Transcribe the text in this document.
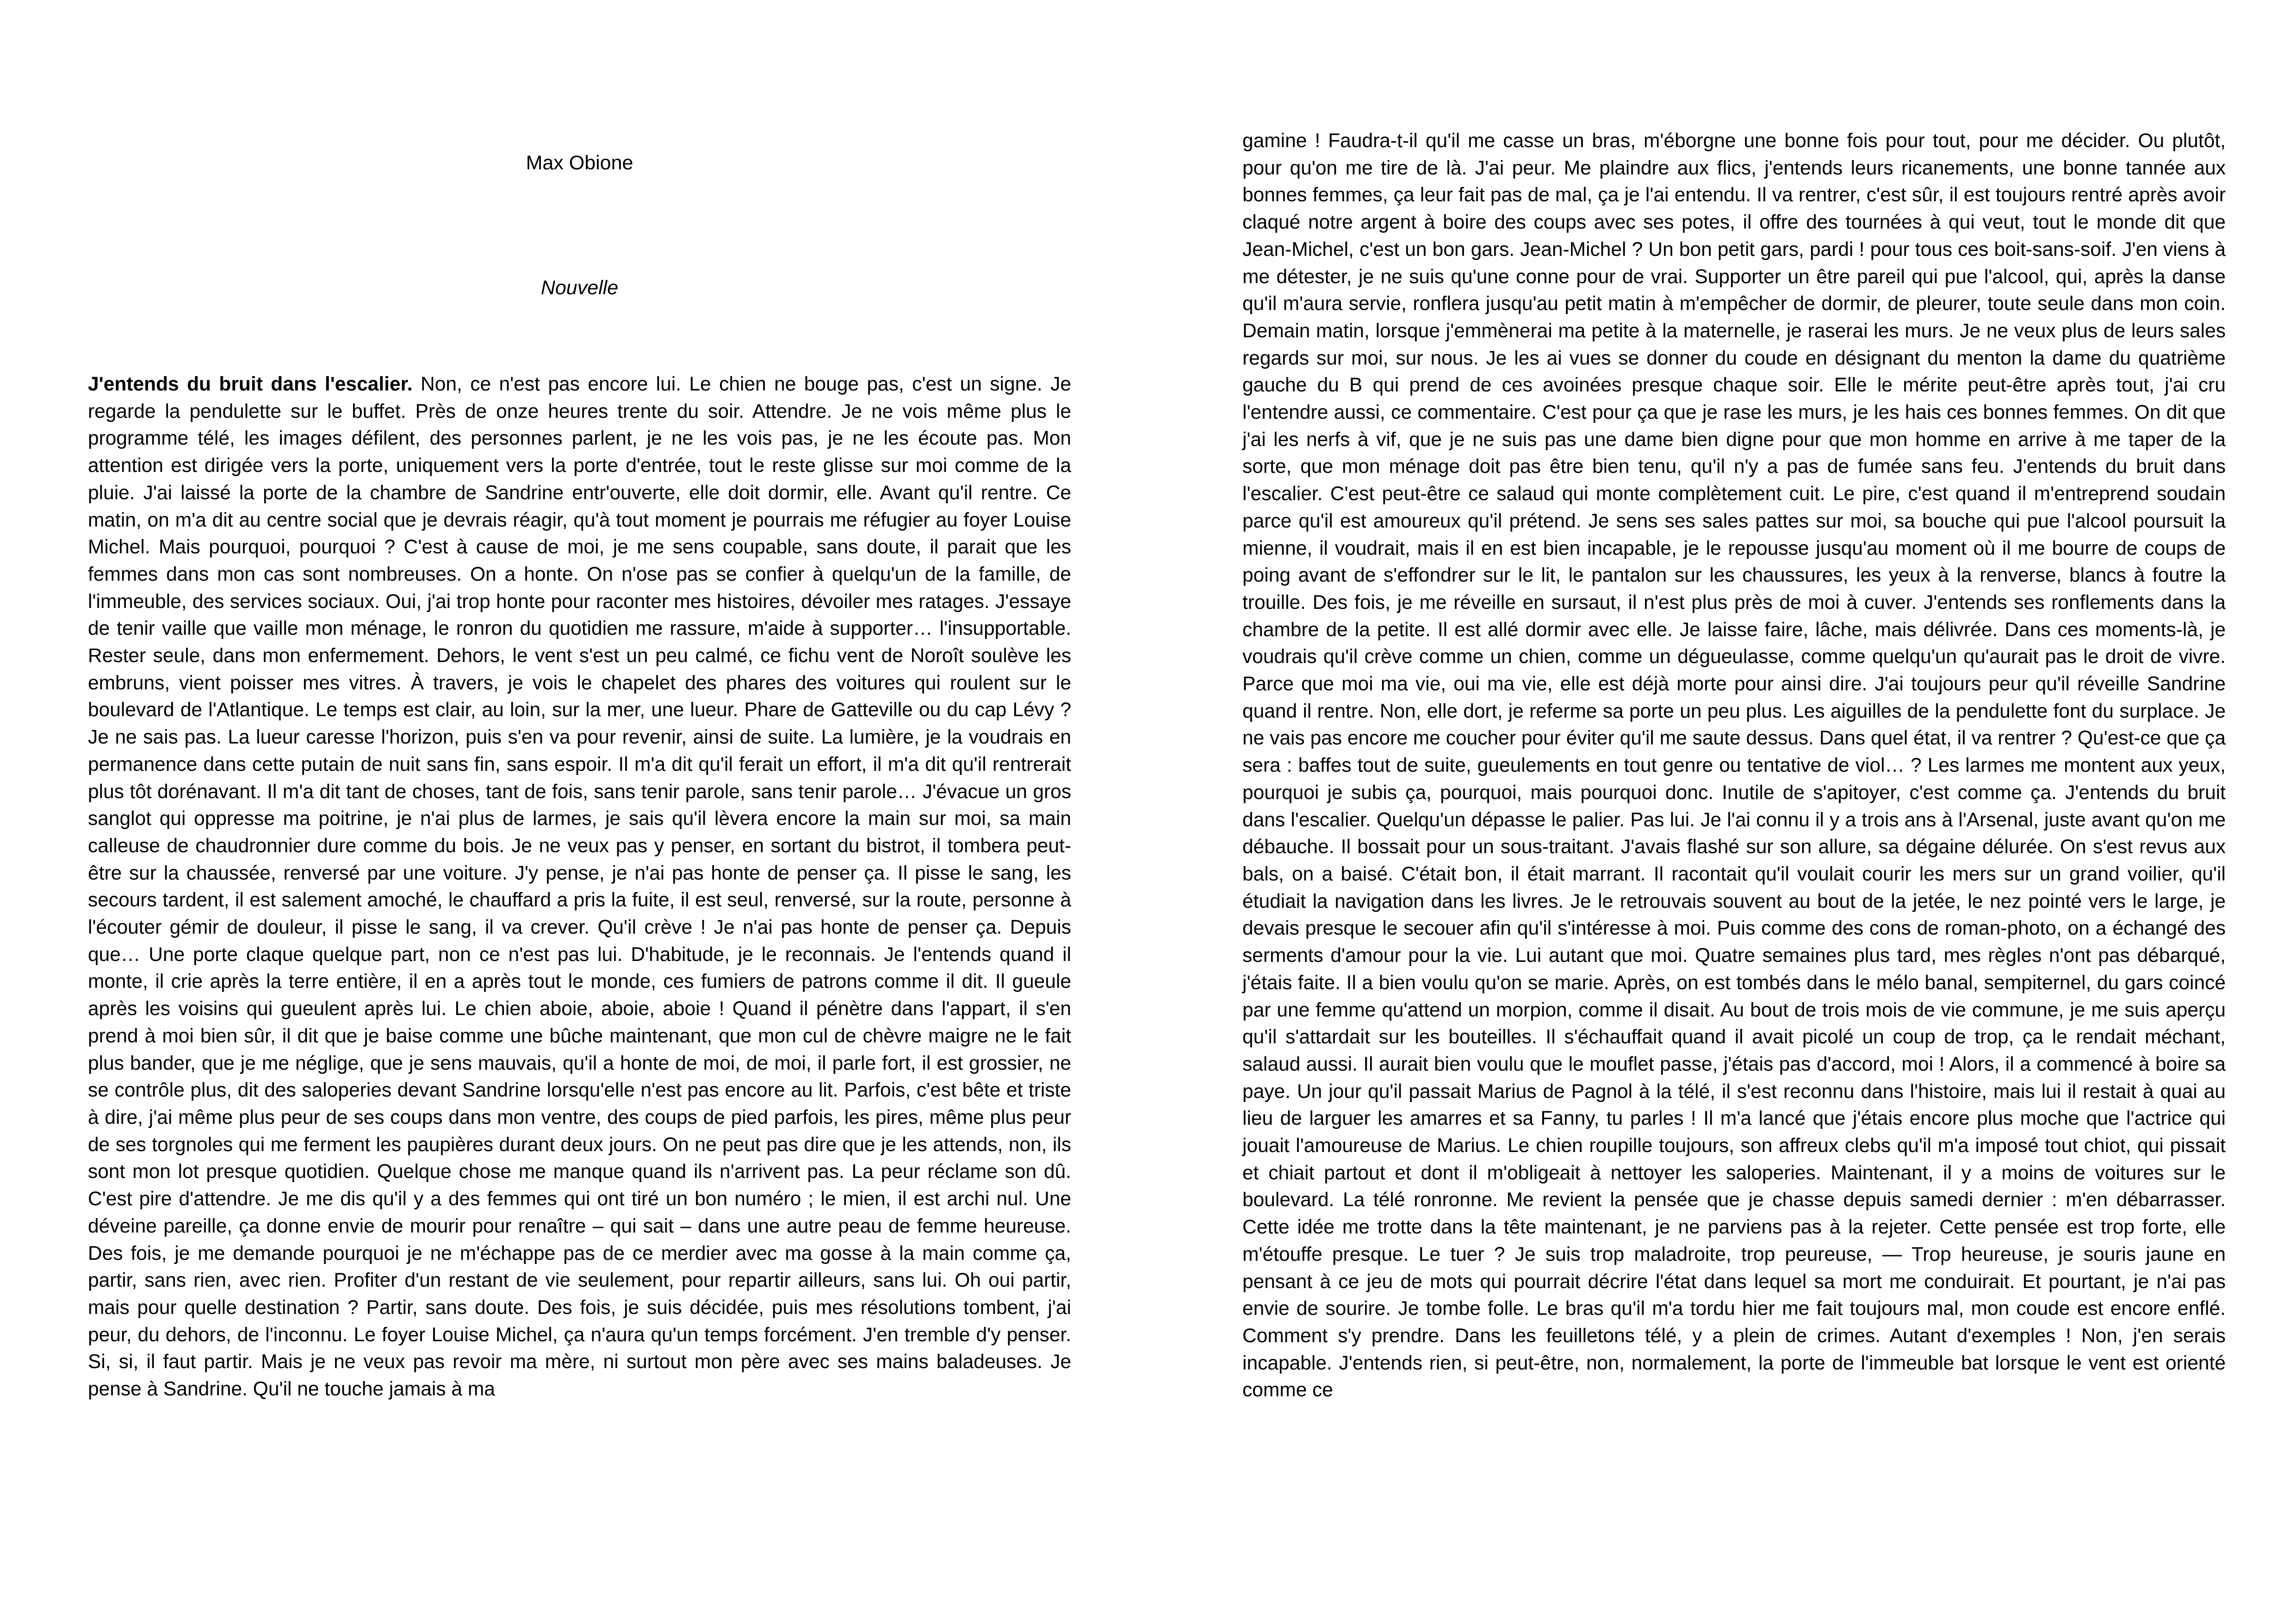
Max Obione
Nouvelle

J'entends du bruit dans l'escalier. Non, ce n'est pas encore lui. Le chien ne bouge pas, c'est un signe. Je regarde la pendulette sur le buffet. Près de onze heures trente du soir. Attendre. Je ne vois même plus le programme télé, les images défilent, des personnes parlent, je ne les vois pas, je ne les écoute pas. Mon attention est dirigée vers la porte, uniquement vers la porte d'entrée, tout le reste glisse sur moi comme de la pluie. J'ai laissé la porte de la chambre de Sandrine entr'ouverte, elle doit dormir, elle. Avant qu'il rentre. Ce matin, on m'a dit au centre social que je devrais réagir, qu'à tout moment je pourrais me réfugier au foyer Louise Michel. Mais pourquoi, pourquoi ? C'est à cause de moi, je me sens coupable, sans doute, il parait que les femmes dans mon cas sont nombreuses. On a honte. On n'ose pas se confier à quelqu'un de la famille, de l'immeuble, des services sociaux. Oui, j'ai trop honte pour raconter mes histoires, dévoiler mes ratages. J'essaye de tenir vaille que vaille mon ménage, le ronron du quotidien me rassure, m'aide à supporter… l'insupportable. Rester seule, dans mon enfermement. Dehors, le vent s'est un peu calmé, ce fichu vent de Noroît soulève les embruns, vient poisser mes vitres. À travers, je vois le chapelet des phares des voitures qui roulent sur le boulevard de l'Atlantique. Le temps est clair, au loin, sur la mer, une lueur. Phare de Gatteville ou du cap Lévy ? Je ne sais pas. La lueur caresse l'horizon, puis s'en va pour revenir, ainsi de suite. La lumière, je la voudrais en permanence dans cette putain de nuit sans fin, sans espoir. Il m'a dit qu'il ferait un effort, il m'a dit qu'il rentrerait plus tôt dorénavant. Il m'a dit tant de choses, tant de fois, sans tenir parole, sans tenir parole… J'évacue un gros sanglot qui oppresse ma poitrine, je n'ai plus de larmes, je sais qu'il lèvera encore la main sur moi, sa main calleuse de chaudronnier dure comme du bois. Je ne veux pas y penser, en sortant du bistrot, il tombera peut-être sur la chaussée, renversé par une voiture. J'y pense, je n'ai pas honte de penser ça. Il pisse le sang, les secours tardent, il est salement amoché, le chauffard a pris la fuite, il est seul, renversé, sur la route, personne à l'écouter gémir de douleur, il pisse le sang, il va crever. Qu'il crève ! Je n'ai pas honte de penser ça. Depuis que… Une porte claque quelque part, non ce n'est pas lui. D'habitude, je le reconnais. Je l'entends quand il monte, il crie après la terre entière, il en a après tout le monde, ces fumiers de patrons comme il dit. Il gueule après les voisins qui gueulent après lui. Le chien aboie, aboie, aboie ! Quand il pénètre dans l'appart, il s'en prend à moi bien sûr, il dit que je baise comme une bûche maintenant, que mon cul de chèvre maigre ne le fait plus bander, que je me néglige, que je sens mauvais, qu'il a honte de moi, de moi, il parle fort, il est grossier, ne se contrôle plus, dit des saloperies devant Sandrine lorsqu'elle n'est pas encore au lit. Parfois, c'est bête et triste à dire, j'ai même plus peur de ses coups dans mon ventre, des coups de pied parfois, les pires, même plus peur de ses torgnoles qui me ferment les paupières durant deux jours. On ne peut pas dire que je les attends, non, ils sont mon lot presque quotidien. Quelque chose me manque quand ils n'arrivent pas. La peur réclame son dû. C'est pire d'attendre. Je me dis qu'il y a des femmes qui ont tiré un bon numéro ; le mien, il est archi nul. Une déveine pareille, ça donne envie de mourir pour renaître – qui sait – dans une autre peau de femme heureuse. Des fois, je me demande pourquoi je ne m'échappe pas de ce merdier avec ma gosse à la main comme ça, partir, sans rien, avec rien. Profiter d'un restant de vie seulement, pour repartir ailleurs, sans lui. Oh oui partir, mais pour quelle destination ? Partir, sans doute. Des fois, je suis décidée, puis mes résolutions tombent, j'ai peur, du dehors, de l'inconnu. Le foyer Louise Michel, ça n'aura qu'un temps forcément. J'en tremble d'y penser. Si, si, il faut partir. Mais je ne veux pas revoir ma mère, ni surtout mon père avec ses mains baladeuses. Je pense à Sandrine. Qu'il ne touche jamais à ma

gamine ! Faudra-t-il qu'il me casse un bras, m'éborgne une bonne fois pour tout, pour me décider. Ou plutôt, pour qu'on me tire de là. J'ai peur. Me plaindre aux flics, j'entends leurs ricanements, une bonne tannée aux bonnes femmes, ça leur fait pas de mal, ça je l'ai entendu. Il va rentrer, c'est sûr, il est toujours rentré après avoir claqué notre argent à boire des coups avec ses potes, il offre des tournées à qui veut, tout le monde dit que Jean-Michel, c'est un bon gars. Jean-Michel ? Un bon petit gars, pardi ! pour tous ces boit-sans-soif. J'en viens à me détester, je ne suis qu'une conne pour de vrai. Supporter un être pareil qui pue l'alcool, qui, après la danse qu'il m'aura servie, ronflera jusqu'au petit matin à m'empêcher de dormir, de pleurer, toute seule dans mon coin. Demain matin, lorsque j'emmènerai ma petite à la maternelle, je raserai les murs. Je ne veux plus de leurs sales regards sur moi, sur nous. Je les ai vues se donner du coude en désignant du menton la dame du quatrième gauche du B qui prend de ces avoinées presque chaque soir. Elle le mérite peut-être après tout, j'ai cru l'entendre aussi, ce commentaire. C'est pour ça que je rase les murs, je les hais ces bonnes femmes. On dit que j'ai les nerfs à vif, que je ne suis pas une dame bien digne pour que mon homme en arrive à me taper de la sorte, que mon ménage doit pas être bien tenu, qu'il n'y a pas de fumée sans feu. J'entends du bruit dans l'escalier. C'est peut-être ce salaud qui monte complètement cuit. Le pire, c'est quand il m'entreprend soudain parce qu'il est amoureux qu'il prétend. Je sens ses sales pattes sur moi, sa bouche qui pue l'alcool poursuit la mienne, il voudrait, mais il en est bien incapable, je le repousse jusqu'au moment où il me bourre de coups de poing avant de s'effondrer sur le lit, le pantalon sur les chaussures, les yeux à la renverse, blancs à foutre la trouille. Des fois, je me réveille en sursaut, il n'est plus près de moi à cuver. J'entends ses ronflements dans la chambre de la petite. Il est allé dormir avec elle. Je laisse faire, lâche, mais délivrée. Dans ces moments-là, je voudrais qu'il crève comme un chien, comme un dégueulasse, comme quelqu'un qu'aurait pas le droit de vivre. Parce que moi ma vie, oui ma vie, elle est déjà morte pour ainsi dire. J'ai toujours peur qu'il réveille Sandrine quand il rentre. Non, elle dort, je referme sa porte un peu plus. Les aiguilles de la pendulette font du surplace. Je ne vais pas encore me coucher pour éviter qu'il me saute dessus. Dans quel état, il va rentrer ? Qu'est-ce que ça sera : baffes tout de suite, gueulements en tout genre ou tentative de viol… ? Les larmes me montent aux yeux, pourquoi je subis ça, pourquoi, mais pourquoi donc. Inutile de s'apitoyer, c'est comme ça. J'entends du bruit dans l'escalier. Quelqu'un dépasse le palier. Pas lui. Je l'ai connu il y a trois ans à l'Arsenal, juste avant qu'on me débauche. Il bossait pour un sous-traitant. J'avais flashé sur son allure, sa dégaine délurée. On s'est revus aux bals, on a baisé. C'était bon, il était marrant. Il racontait qu'il voulait courir les mers sur un grand voilier, qu'il étudiait la navigation dans les livres. Je le retrouvais souvent au bout de la jetée, le nez pointé vers le large, je devais presque le secouer afin qu'il s'intéresse à moi. Puis comme des cons de roman-photo, on a échangé des serments d'amour pour la vie. Lui autant que moi. Quatre semaines plus tard, mes règles n'ont pas débarqué, j'étais faite. Il a bien voulu qu'on se marie. Après, on est tombés dans le mélo banal, sempiternel, du gars coincé par une femme qu'attend un morpion, comme il disait. Au bout de trois mois de vie commune, je me suis aperçu qu'il s'attardait sur les bouteilles. Il s'échauffait quand il avait picolé un coup de trop, ça le rendait méchant, salaud aussi. Il aurait bien voulu que le mouflet passe, j'étais pas d'accord, moi ! Alors, il a commencé à boire sa paye. Un jour qu'il passait Marius de Pagnol à la télé, il s'est reconnu dans l'histoire, mais lui il restait à quai au lieu de larguer les amarres et sa Fanny, tu parles ! Il m'a lancé que j'étais encore plus moche que l'actrice qui jouait l'amoureuse de Marius. Le chien roupille toujours, son affreux clebs qu'il m'a imposé tout chiot, qui pissait et chiait partout et dont il m'obligeait à nettoyer les saloperies. Maintenant, il y a moins de voitures sur le boulevard. La télé ronronne. Me revient la pensée que je chasse depuis samedi dernier : m'en débarrasser. Cette idée me trotte dans la tête maintenant, je ne parviens pas à la rejeter. Cette pensée est trop forte, elle m'étouffe presque. Le tuer ? Je suis trop maladroite, trop peureuse, — Trop heureuse, je souris jaune en pensant à ce jeu de mots qui pourrait décrire l'état dans lequel sa mort me conduirait. Et pourtant, je n'ai pas envie de sourire. Je tombe folle. Le bras qu'il m'a tordu hier me fait toujours mal, mon coude est encore enflé. Comment s'y prendre. Dans les feuilletons télé, y a plein de crimes. Autant d'exemples ! Non, j'en serais incapable. J'entends rien, si peut-être, non, normalement, la porte de l'immeuble bat lorsque le vent est orienté comme ce
